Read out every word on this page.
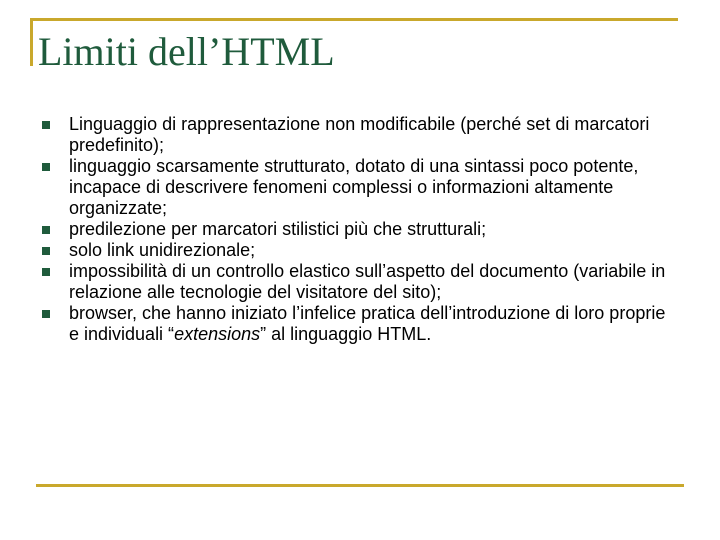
Limiti dell’HTML
Linguaggio di rappresentazione non modificabile (perché set di marcatori predefinito);
linguaggio scarsamente strutturato, dotato di una sintassi poco potente, incapace di descrivere fenomeni complessi o informazioni altamente organizzate;
predilezione per marcatori stilistici più che strutturali;
solo link unidirezionale;
impossibilità di un controllo elastico sull’aspetto del documento (variabile in relazione alle tecnologie del visitatore del sito);
browser, che hanno iniziato l’infelice pratica dell’introduzione di loro proprie e individuali “extensions” al linguaggio HTML.
